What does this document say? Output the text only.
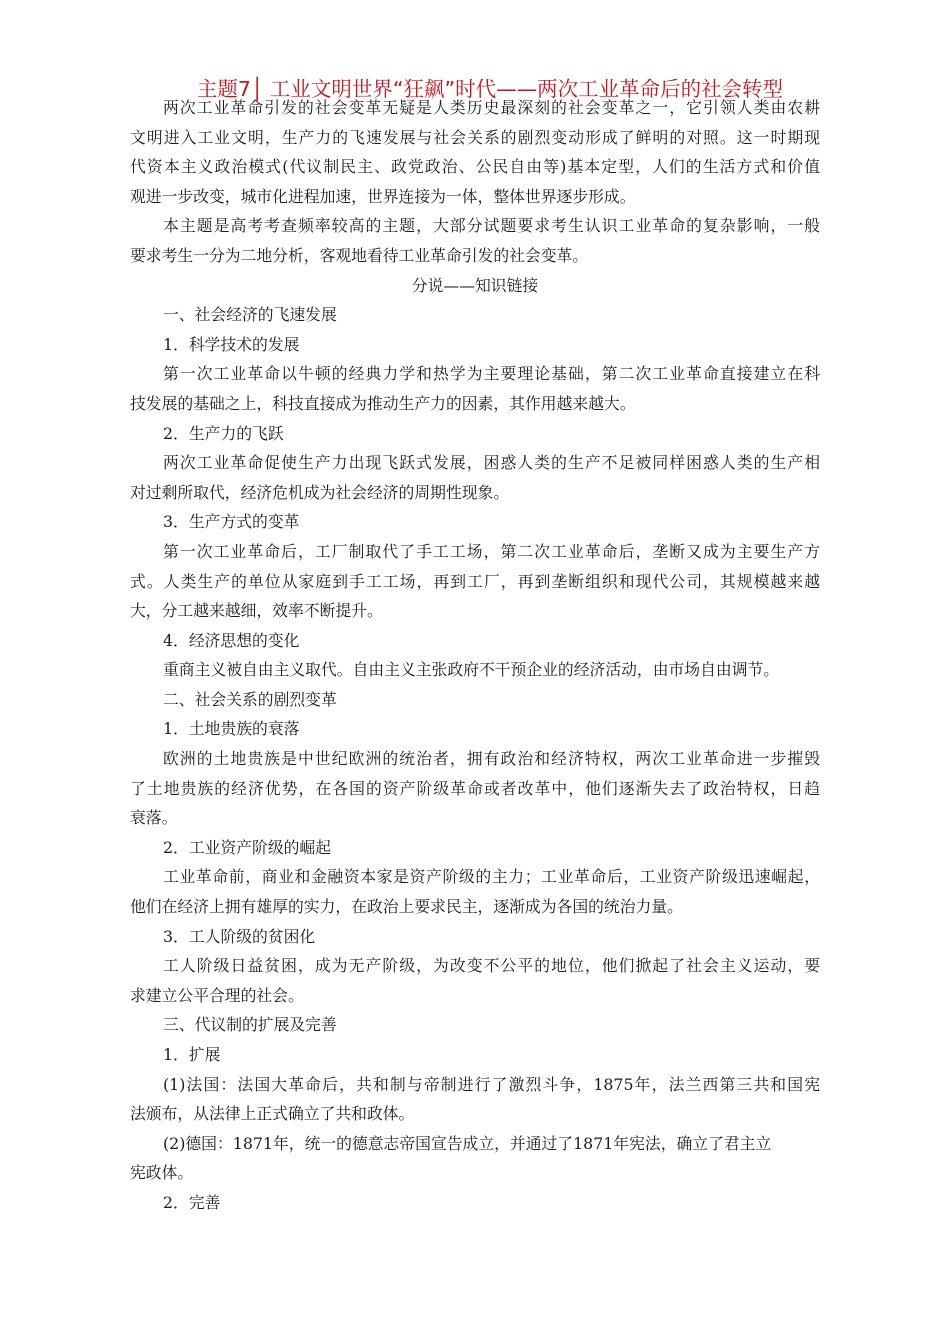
主题7│ 工业文明世界“狂飙”时代——两次工业革命后的社会转型
两次工业革命引发的社会变革无疑是人类历史最深刻的社会变革之一，它引领人类由农耕
文明进入工业文明，生产力的飞速发展与社会关系的剧烈变动形成了鲜明的对照。这一时期现
代资本主义政治模式(代议制民主、政党政治、公民自由等)基本定型，人们的生活方式和价值
观进一步改变，城市化进程加速，世界连接为一体，整体世界逐步形成。
本主题是高考考查频率较高的主题，大部分试题要求考生认识工业革命的复杂影响，一般
要求考生一分为二地分析，客观地看待工业革命引发的社会变革。
分说——知识链接
一、社会经济的飞速发展
1．科学技术的发展
第一次工业革命以牛顿的经典力学和热学为主要理论基础，第二次工业革命直接建立在科
技发展的基础之上，科技直接成为推动生产力的因素，其作用越来越大。
2．生产力的飞跃
两次工业革命促使生产力出现飞跃式发展，困惑人类的生产不足被同样困惑人类的生产相
对过剩所取代，经济危机成为社会经济的周期性现象。
3．生产方式的变革
第一次工业革命后，工厂制取代了手工工场，第二次工业革命后，垄断又成为主要生产方
式。人类生产的单位从家庭到手工工场，再到工厂，再到垄断组织和现代公司，其规模越来越
大，分工越来越细，效率不断提升。
4．经济思想的变化
重商主义被自由主义取代。自由主义主张政府不干预企业的经济活动，由市场自由调节。
二、社会关系的剧烈变革
1．土地贵族的衰落
欧洲的土地贵族是中世纪欧洲的统治者，拥有政治和经济特权，两次工业革命进一步摧毁
了土地贵族的经济优势，在各国的资产阶级革命或者改革中，他们逐渐失去了政治特权，日趋
衰落。
2．工业资产阶级的崛起
工业革命前，商业和金融资本家是资产阶级的主力；工业革命后，工业资产阶级迅速崛起，
他们在经济上拥有雄厚的实力，在政治上要求民主，逐渐成为各国的统治力量。
3．工人阶级的贫困化
工人阶级日益贫困，成为无产阶级，为改变不公平的地位，他们掀起了社会主义运动，要
求建立公平合理的社会。
三、代议制的扩展及完善
1．扩展
(1)法国：法国大革命后，共和制与帝制进行了激烈斗争，1875年，法兰西第三共和国宪
法颁布，从法律上正式确立了共和政体。
(2)德国：1871年，统一的德意志帝国宣告成立，并通过了1871年宪法，确立了君主立
宪政体。
2．完善
